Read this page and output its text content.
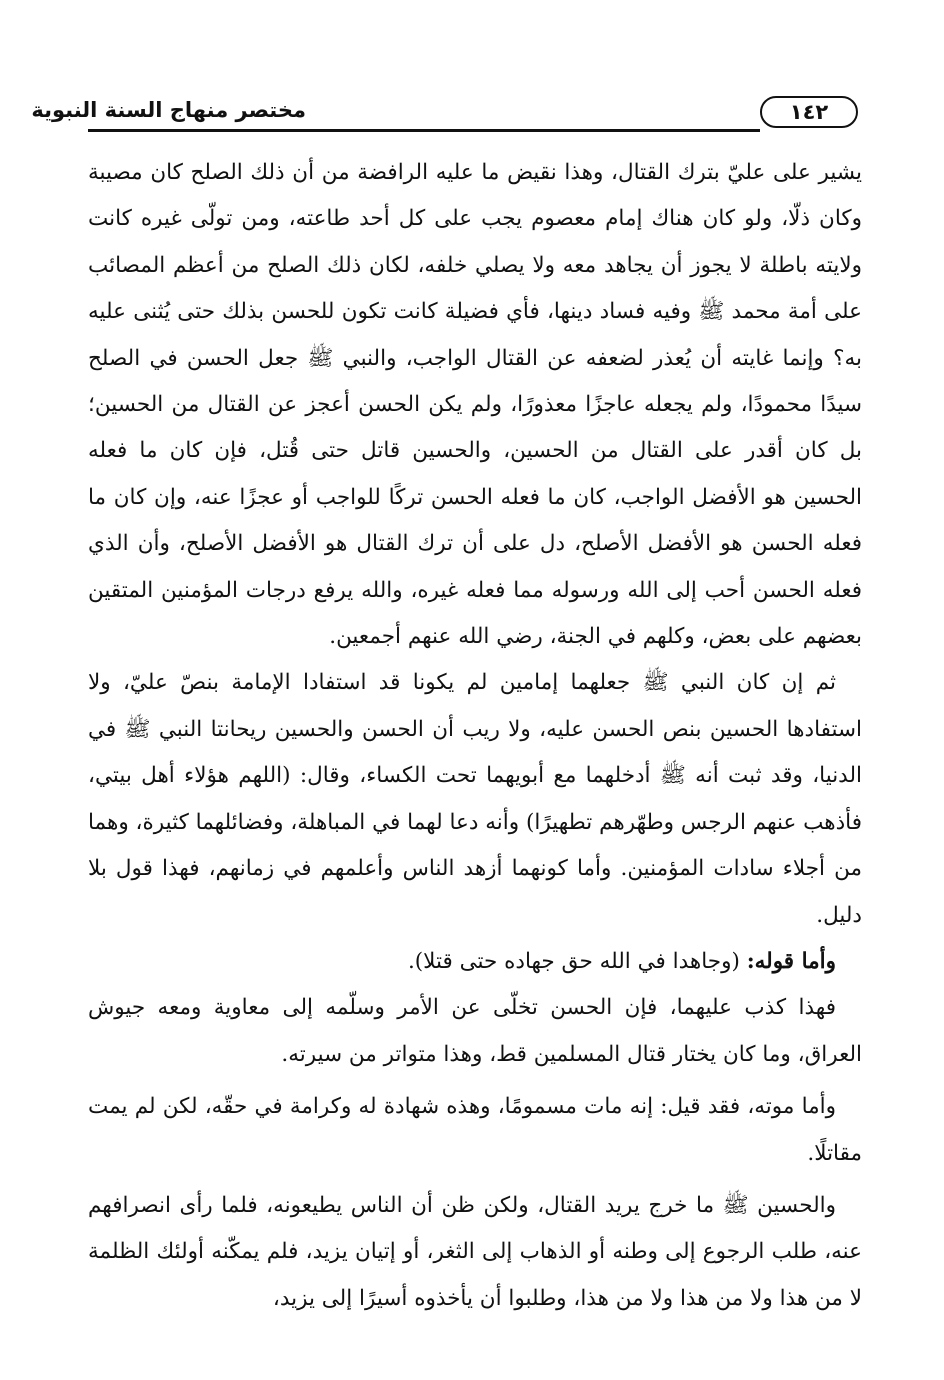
مختصر منهاج السنة النبوية	١٤٢

يشير على عليّ بترك القتال، وهذا نقيض ما عليه الرافضة من أن ذلك الصلح كان مصيبة وكان ذلّا، ولو كان هناك إمام معصوم يجب على كل أحد طاعته، ومن تولّى غيره كانت ولايته باطلة لا يجوز أن يجاهد معه ولا يصلي خلفه، لكان ذلك الصلح من أعظم المصائب على أمة محمد ﷺ وفيه فساد دينها، فأي فضيلة كانت تكون للحسن بذلك حتى يُثنى عليه به؟ وإنما غايته أن يُعذر لضعفه عن القتال الواجب، والنبي ﷺ جعل الحسن في الصلح سيدًا محمودًا، ولم يجعله عاجزًا معذورًا، ولم يكن الحسن أعجز عن القتال من الحسين؛ بل كان أقدر على القتال من الحسين، والحسين قاتل حتى قُتل، فإن كان ما فعله الحسين هو الأفضل الواجب، كان ما فعله الحسن تركًا للواجب أو عجزًا عنه، وإن كان ما فعله الحسن هو الأفضل الأصلح، دل على أن ترك القتال هو الأفضل الأصلح، وأن الذي فعله الحسن أحب إلى الله ورسوله مما فعله غيره، والله يرفع درجات المؤمنين المتقين بعضهم على بعض، وكلهم في الجنة، رضي الله عنهم أجمعين.

ثم إن كان النبي ﷺ جعلهما إمامين لم يكونا قد استفادا الإمامة بنصّ عليّ، ولا استفادها الحسين بنص الحسن عليه، ولا ريب أن الحسن والحسين ريحانتا النبي ﷺ في الدنيا، وقد ثبت أنه ﷺ أدخلهما مع أبويهما تحت الكساء، وقال: (اللهم هؤلاء أهل بيتي، فأذهب عنهم الرجس وطهّرهم تطهيرًا) وأنه دعا لهما في المباهلة، وفضائلهما كثيرة، وهما من أجلاء سادات المؤمنين. وأما كونهما أزهد الناس وأعلمهم في زمانهم، فهذا قول بلا دليل.

وأما قوله: (وجاهدا في الله حق جهاده حتى قتلا).

فهذا كذب عليهما، فإن الحسن تخلّى عن الأمر وسلّمه إلى معاوية ومعه جيوش العراق، وما كان يختار قتال المسلمين قط، وهذا متواتر من سيرته.

وأما موته، فقد قيل: إنه مات مسمومًا، وهذه شهادة له وكرامة في حقّه، لكن لم يمت مقاتلًا.

والحسين ﷺ ما خرج يريد القتال، ولكن ظن أن الناس يطيعونه، فلما رأى انصرافهم عنه، طلب الرجوع إلى وطنه أو الذهاب إلى الثغر، أو إتيان يزيد، فلم يمكّنه أولئك الظلمة لا من هذا ولا من هذا ولا من هذا، وطلبوا أن يأخذوه أسيرًا إلى يزيد،
